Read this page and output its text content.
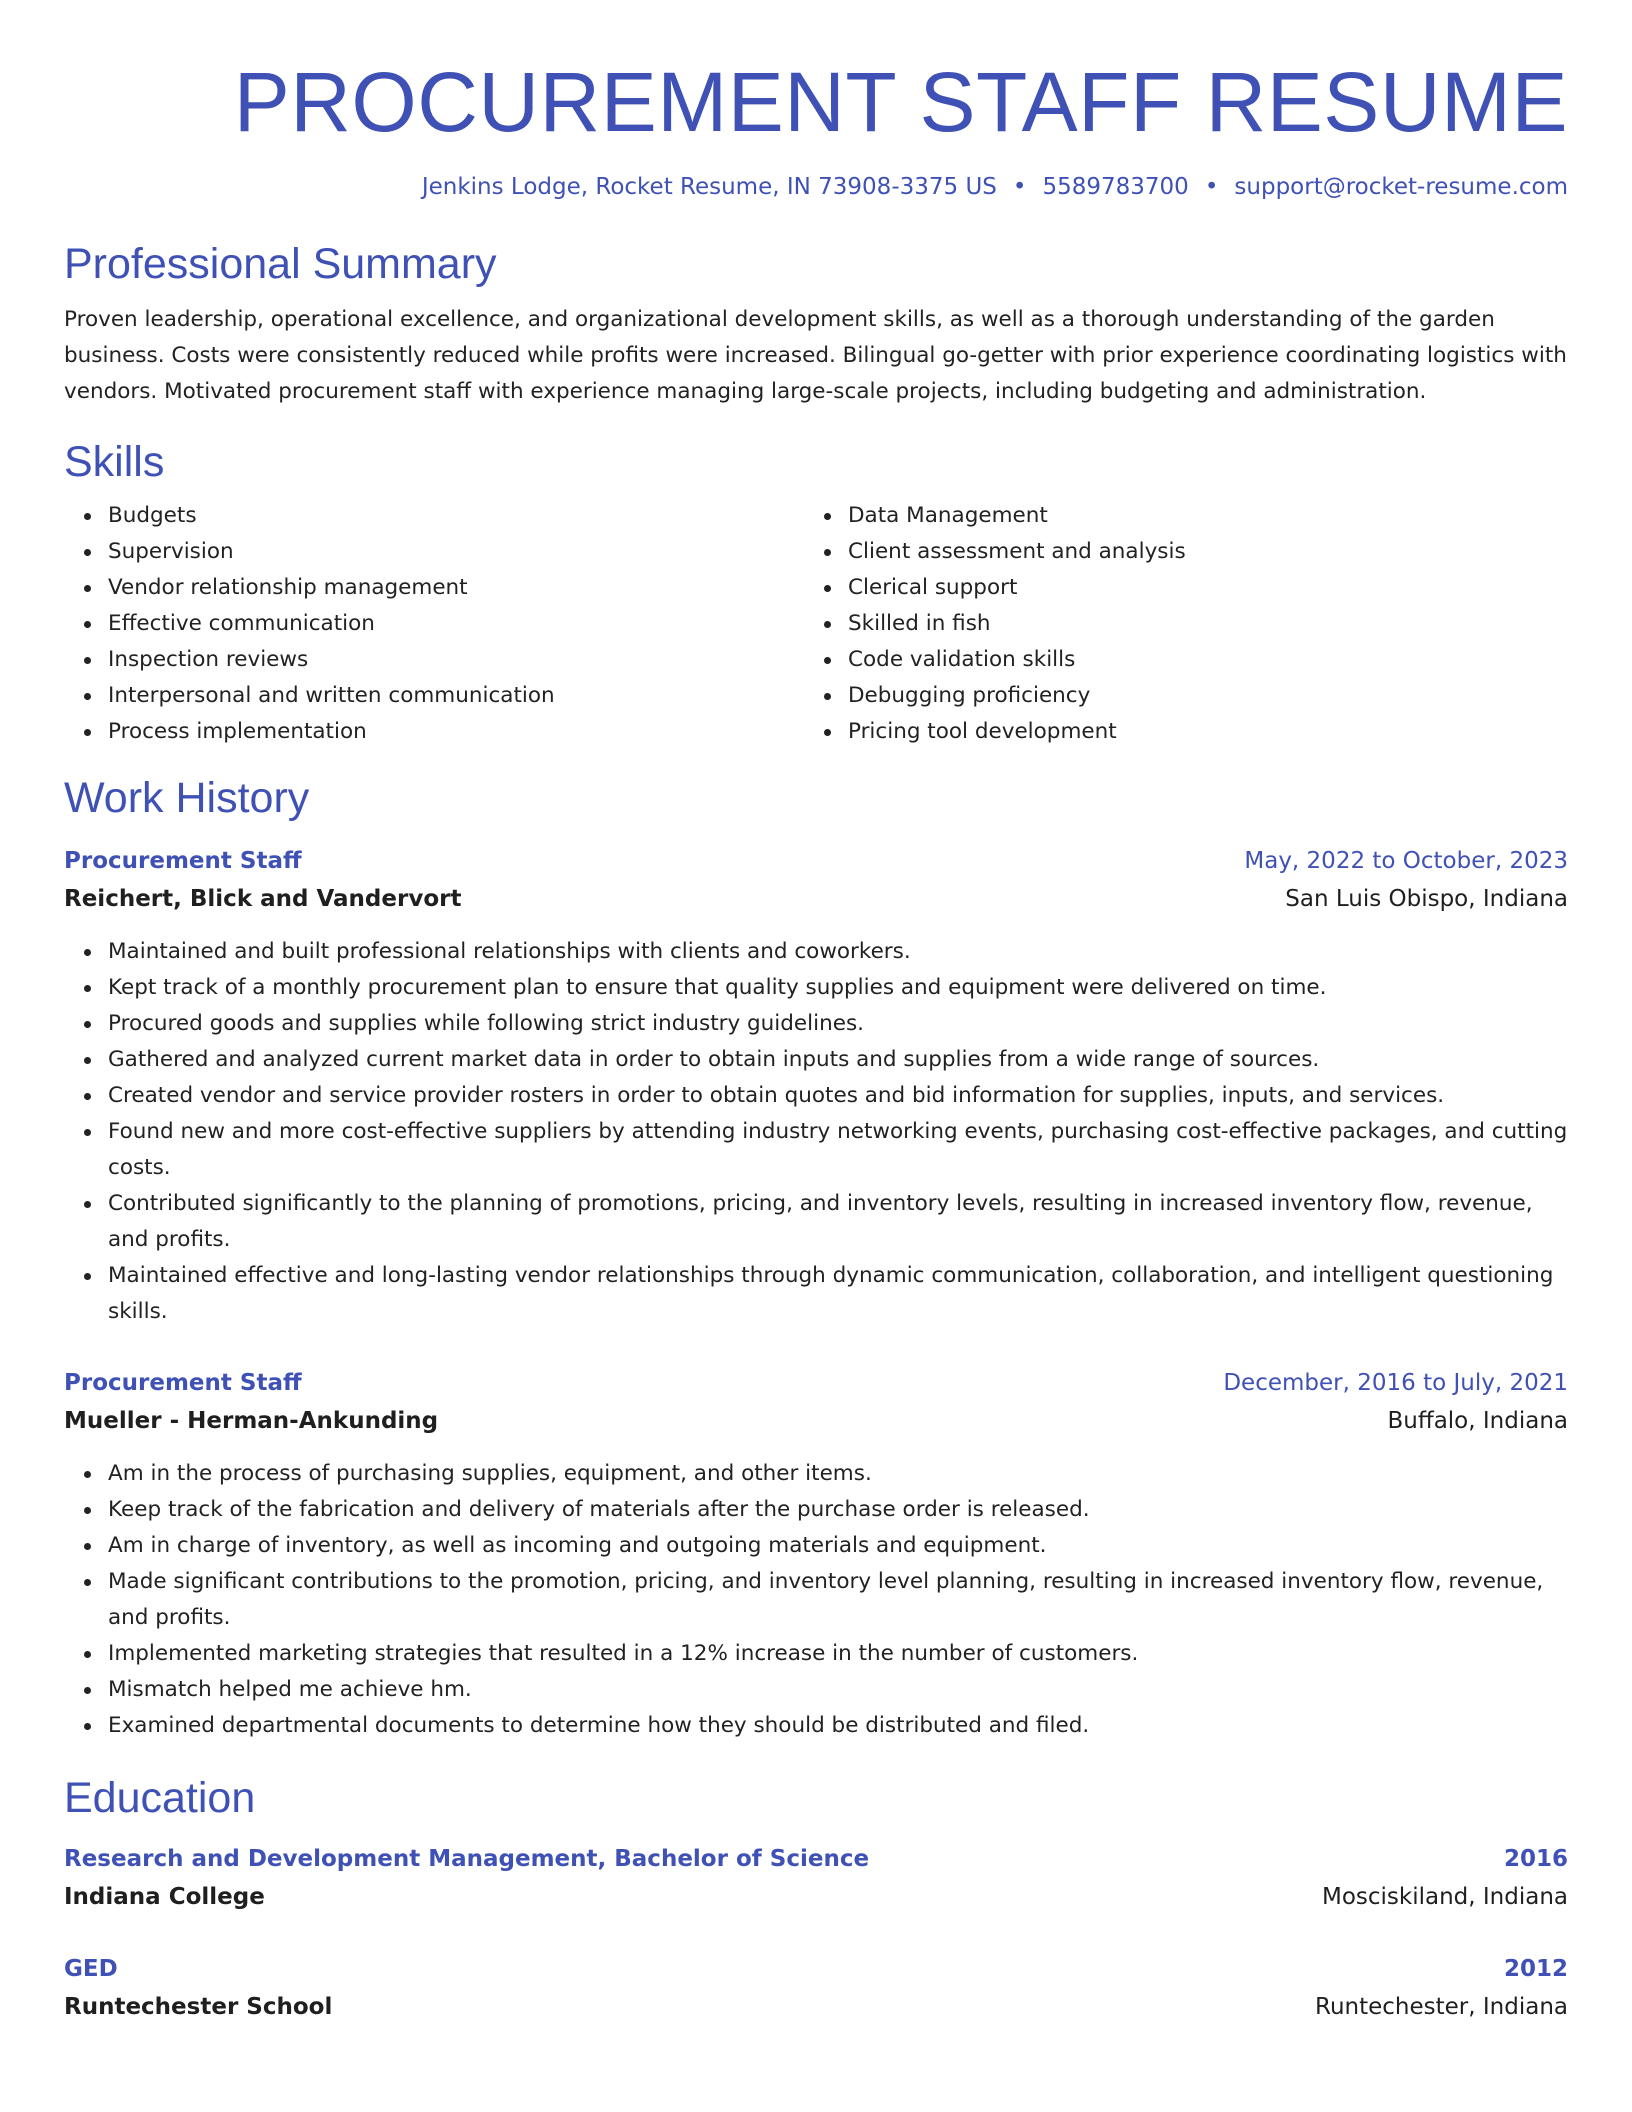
PROCUREMENT STAFF RESUME
Jenkins Lodge, Rocket Resume, IN 73908-3375 US • 5589783700 • support@rocket-resume.com
Professional Summary
Proven leadership, operational excellence, and organizational development skills, as well as a thorough understanding of the garden business. Costs were consistently reduced while profits were increased. Bilingual go-getter with prior experience coordinating logistics with vendors. Motivated procurement staff with experience managing large-scale projects, including budgeting and administration.
Skills
Budgets
Supervision
Vendor relationship management
Effective communication
Inspection reviews
Interpersonal and written communication
Process implementation
Data Management
Client assessment and analysis
Clerical support
Skilled in fish
Code validation skills
Debugging proficiency
Pricing tool development
Work History
Procurement Staff	May, 2022 to October, 2023
Reichert, Blick and Vandervort	San Luis Obispo, Indiana
Maintained and built professional relationships with clients and coworkers.
Kept track of a monthly procurement plan to ensure that quality supplies and equipment were delivered on time.
Procured goods and supplies while following strict industry guidelines.
Gathered and analyzed current market data in order to obtain inputs and supplies from a wide range of sources.
Created vendor and service provider rosters in order to obtain quotes and bid information for supplies, inputs, and services.
Found new and more cost-effective suppliers by attending industry networking events, purchasing cost-effective packages, and cutting costs.
Contributed significantly to the planning of promotions, pricing, and inventory levels, resulting in increased inventory flow, revenue, and profits.
Maintained effective and long-lasting vendor relationships through dynamic communication, collaboration, and intelligent questioning skills.
Procurement Staff	December, 2016 to July, 2021
Mueller - Herman-Ankunding	Buffalo, Indiana
Am in the process of purchasing supplies, equipment, and other items.
Keep track of the fabrication and delivery of materials after the purchase order is released.
Am in charge of inventory, as well as incoming and outgoing materials and equipment.
Made significant contributions to the promotion, pricing, and inventory level planning, resulting in increased inventory flow, revenue, and profits.
Implemented marketing strategies that resulted in a 12% increase in the number of customers.
Mismatch helped me achieve hm.
Examined departmental documents to determine how they should be distributed and filed.
Education
Research and Development Management, Bachelor of Science	2016
Indiana College	Mosciskiland, Indiana
GED	2012
Runtechester School	Runtechester, Indiana
